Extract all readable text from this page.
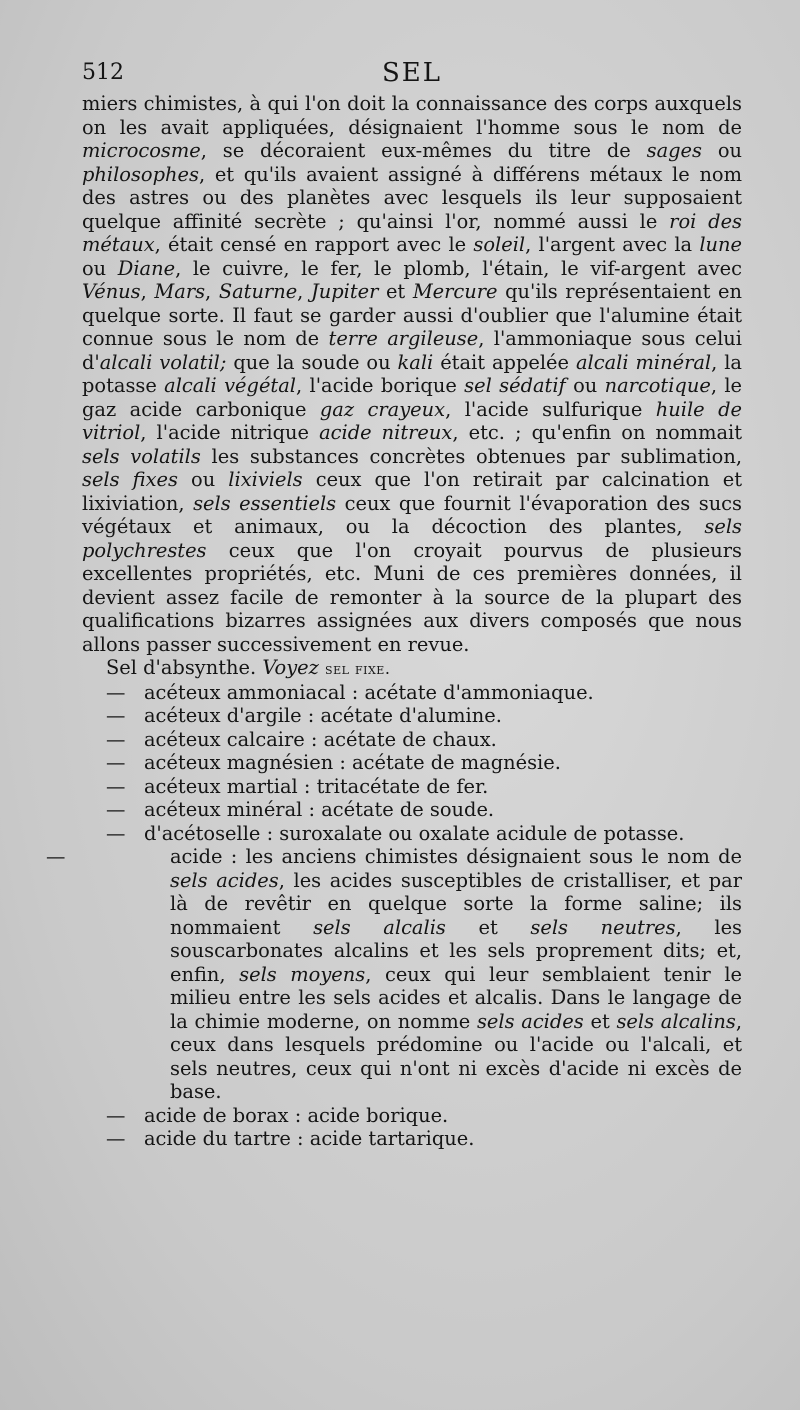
512	SEL

miers chimistes, à qui l'on doit la connaissance des corps auxquels on les avait appliquées, désignaient l'homme sous le nom de microcosme, se décoraient eux-mêmes du titre de sages ou philosophes, et qu'ils avaient assigné à différens métaux le nom des astres ou des planètes avec lesquels ils leur supposaient quelque affinité secrète ; qu'ainsi l'or, nommé aussi le roi des métaux, était censé en rapport avec le soleil, l'argent avec la lune ou Diane, le cuivre, le fer, le plomb, l'étain, le vif-argent avec Vénus, Mars, Saturne, Jupiter et Mercure qu'ils représentaient en quelque sorte. Il faut se garder aussi d'oublier que l'alumine était connue sous le nom de terre argileuse, l'ammoniaque sous celui d'alcali volatil; que la soude ou kali était appelée alcali minéral, la potasse alcali végétal, l'acide borique sel sédatif ou narcotique, le gaz acide carbonique gaz crayeux, l'acide sulfurique huile de vitriol, l'acide nitrique acide nitreux, etc. ; qu'enfin on nommait sels volatils les substances concrètes obtenues par sublimation, sels fixes ou lixiviels ceux que l'on retirait par calcination et lixiviation, sels essentiels ceux que fournit l'évaporation des sucs végétaux et animaux, ou la décoction des plantes, sels polychrestes ceux que l'on croyait pourvus de plusieurs excellentes propriétés, etc. Muni de ces premières données, il devient assez facile de remonter à la source de la plupart des qualifications bizarres assignées aux divers composés que nous allons passer successivement en revue.

Sel d'absynthe. Voyez sel fixe.

— acéteux ammoniacal : acétate d'ammoniaque.

— acéteux d'argile : acétate d'alumine.

— acéteux calcaire : acétate de chaux.

— acéteux magnésien : acétate de magnésie.

— acéteux martial : tritacétate de fer.

— acéteux minéral : acétate de soude.

— d'acétoselle : suroxalate ou oxalate acidule de potasse.

—	acide : les anciens chimistes désignaient sous le nom de sels acides, les acides susceptibles de cristalliser, et par là de revêtir en quelque sorte la forme saline; ils nommaient sels alcalis et sels neutres, les souscarbonates alcalins et les sels proprement dits; et, enfin, sels moyens, ceux qui leur semblaient tenir le milieu entre les sels acides et alcalis. Dans le langage de la chimie moderne, on nomme sels acides et sels alcalins, ceux dans lesquels prédomine ou l'acide ou l'alcali, et sels neutres, ceux qui n'ont ni excès d'acide ni excès de base.

— acide de borax : acide borique.

— acide du tartre : acide tartarique.
